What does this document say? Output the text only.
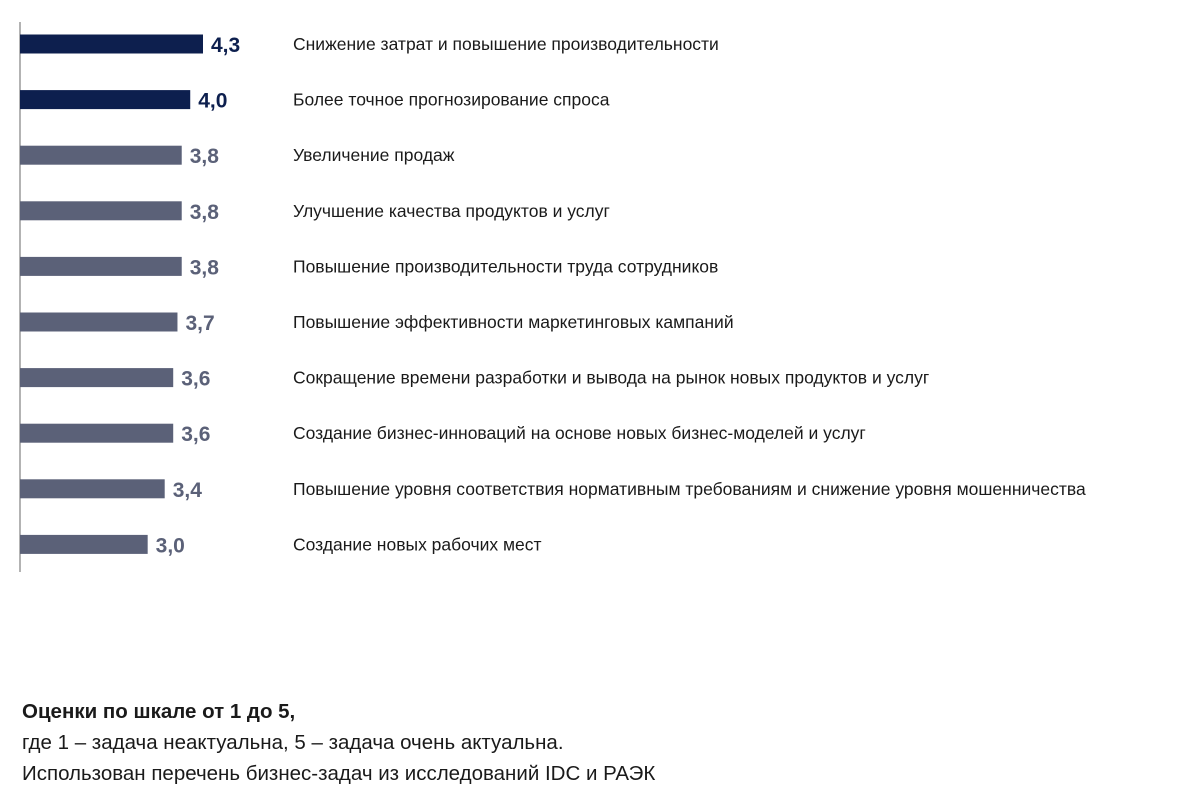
4,3	Снижение затрат и повышение производительности
4,0	Более точное прогнозирование спроса
3,8	Увеличение продаж
3,8	Улучшение качества продуктов и услуг
3,8	Повышение производительности труда сотрудников
3,7	Повышение эффективности маркетинговых кампаний
3,6	Сокращение времени разработки и вывода на рынок новых продуктов и услуг
3,6	Создание бизнес-инноваций на основе новых бизнес-моделей и услуг
3,4	Повышение уровня соответствия нормативным требованиям и снижение уровня мошенничества
3,0	Создание новых рабочих мест
Оценки по шкале от 1 до 5,
где 1 – задача неактуальна, 5 – задача очень актуальна.
Использован перечень бизнес-задач из исследований IDC и РАЭК
